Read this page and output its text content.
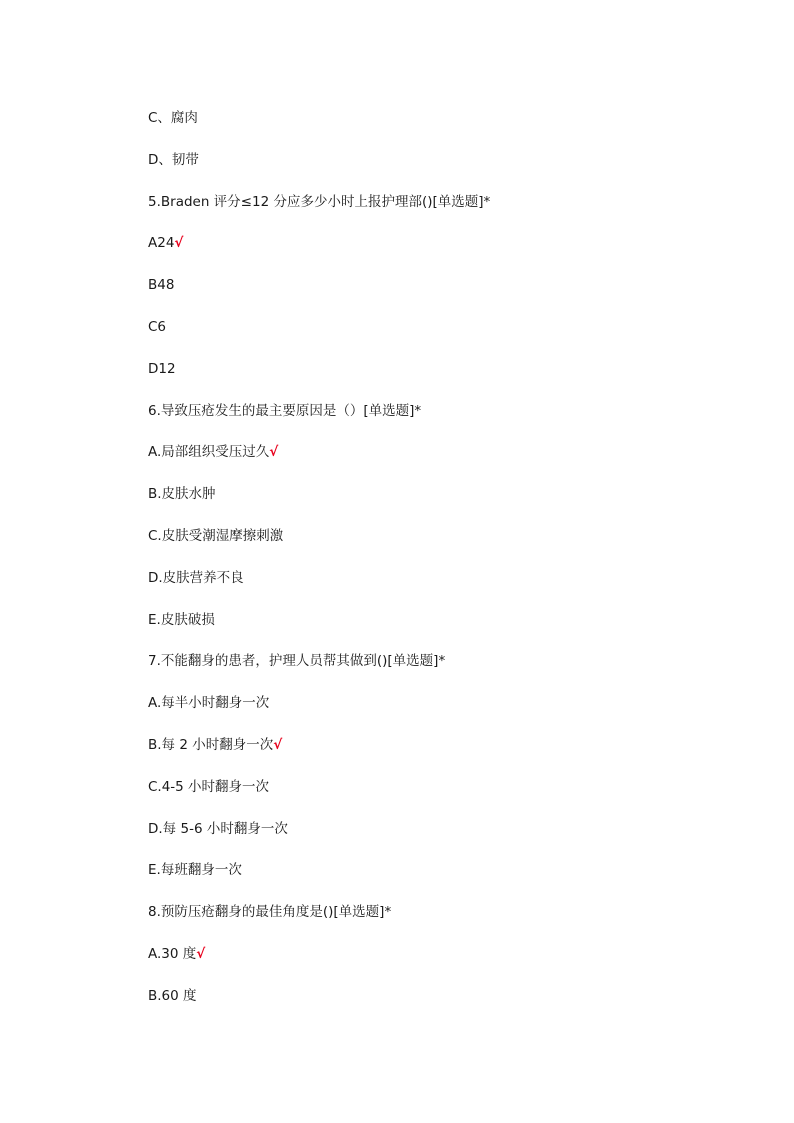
C、腐肉
D、韧带
5.Braden 评分≤12 分应多少小时上报护理部()[单选题]*
A24√
B48
C6
D12
6.导致压疮发生的最主要原因是（）[单选题]*
A.局部组织受压过久√
B.皮肤水肿
C.皮肤受潮湿摩擦刺激
D.皮肤营养不良
E.皮肤破损
7.不能翻身的患者，护理人员帮其做到()[单选题]*
A.每半小时翻身一次
B.每 2 小时翻身一次√
C.4-5 小时翻身一次
D.每 5-6 小时翻身一次
E.每班翻身一次
8.预防压疮翻身的最佳角度是()[单选题]*
A.30 度√
B.60 度
